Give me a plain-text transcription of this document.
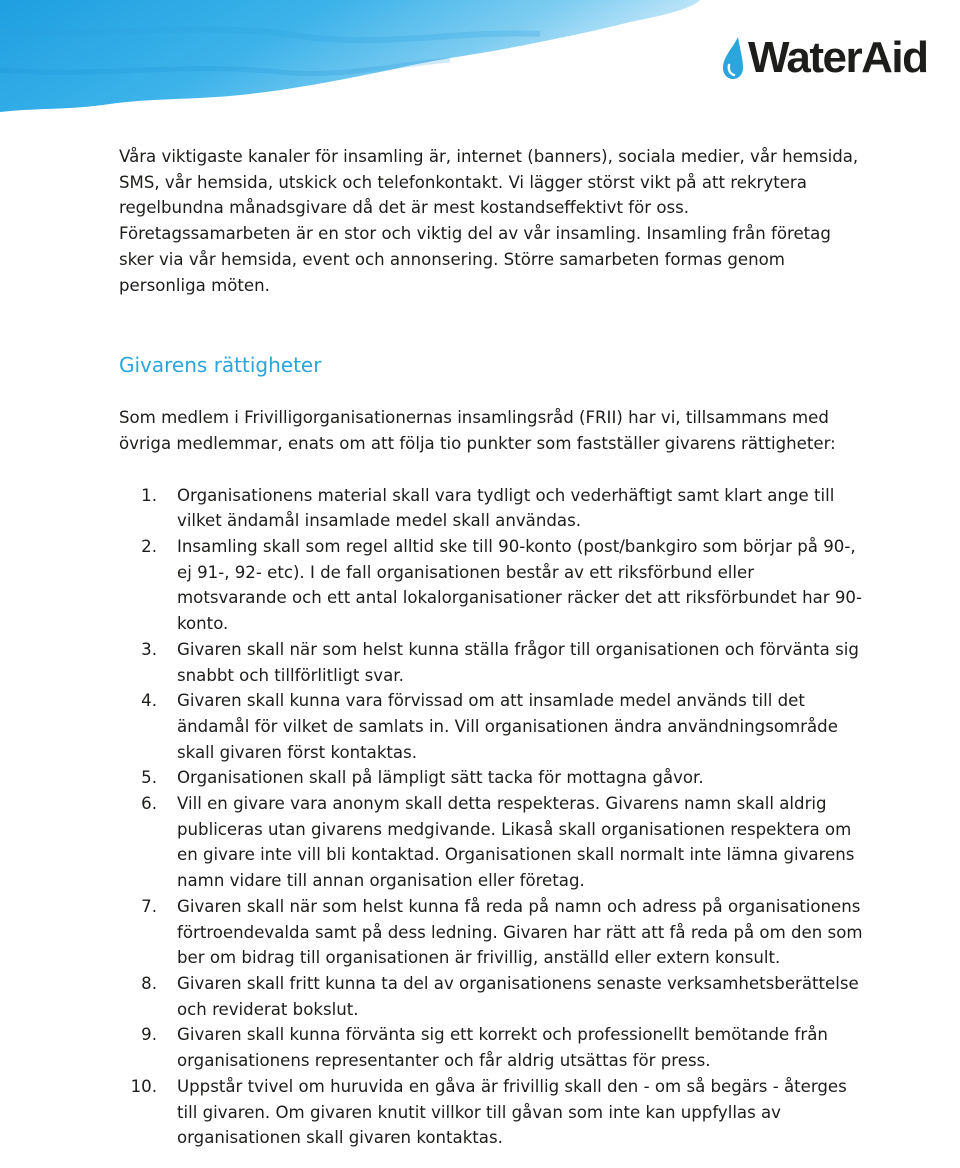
WaterAid

Våra viktigaste kanaler för insamling är, internet (banners), sociala medier, vår hemsida, SMS, vår hemsida, utskick och telefonkontakt. Vi lägger störst vikt på att rekrytera regelbundna månadsgivare då det är mest kostandseffektivt för oss. Företagssamarbeten är en stor och viktig del av vår insamling. Insamling från företag sker via vår hemsida, event och annonsering. Större samarbeten formas genom personliga möten.

Givarens rättigheter

Som medlem i Frivilligorganisationernas insamlingsråd (FRII) har vi, tillsammans med övriga medlemmar, enats om att följa tio punkter som fastställer givarens rättigheter:

1.	Organisationens material skall vara tydligt och vederhäftigt samt klart ange till vilket ändamål insamlade medel skall användas.
2.	Insamling skall som regel alltid ske till 90-konto (post/bankgiro som börjar på 90-, ej 91-, 92- etc). I de fall organisationen består av ett riksförbund eller motsvarande och ett antal lokalorganisationer räcker det att riksförbundet har 90-konto.
3.	Givaren skall när som helst kunna ställa frågor till organisationen och förvänta sig snabbt och tillförlitligt svar.
4.	Givaren skall kunna vara förvissad om att insamlade medel används till det ändamål för vilket de samlats in. Vill organisationen ändra användningsområde skall givaren först kontaktas.
5.	Organisationen skall på lämpligt sätt tacka för mottagna gåvor.
6.	Vill en givare vara anonym skall detta respekteras. Givarens namn skall aldrig publiceras utan givarens medgivande. Likaså skall organisationen respektera om en givare inte vill bli kontaktad. Organisationen skall normalt inte lämna givarens namn vidare till annan organisation eller företag.
7.	Givaren skall när som helst kunna få reda på namn och adress på organisationens förtroendevalda samt på dess ledning. Givaren har rätt att få reda på om den som ber om bidrag till organisationen är frivillig, anställd eller extern konsult.
8.	Givaren skall fritt kunna ta del av organisationens senaste verksamhetsberättelse och reviderat bokslut.
9.	Givaren skall kunna förvänta sig ett korrekt och professionellt bemötande från organisationens representanter och får aldrig utsättas för press.
10.	Uppstår tvivel om huruvida en gåva är frivillig skall den - om så begärs - återges till givaren. Om givaren knutit villkor till gåvan som inte kan uppfyllas av organisationen skall givaren kontaktas.
